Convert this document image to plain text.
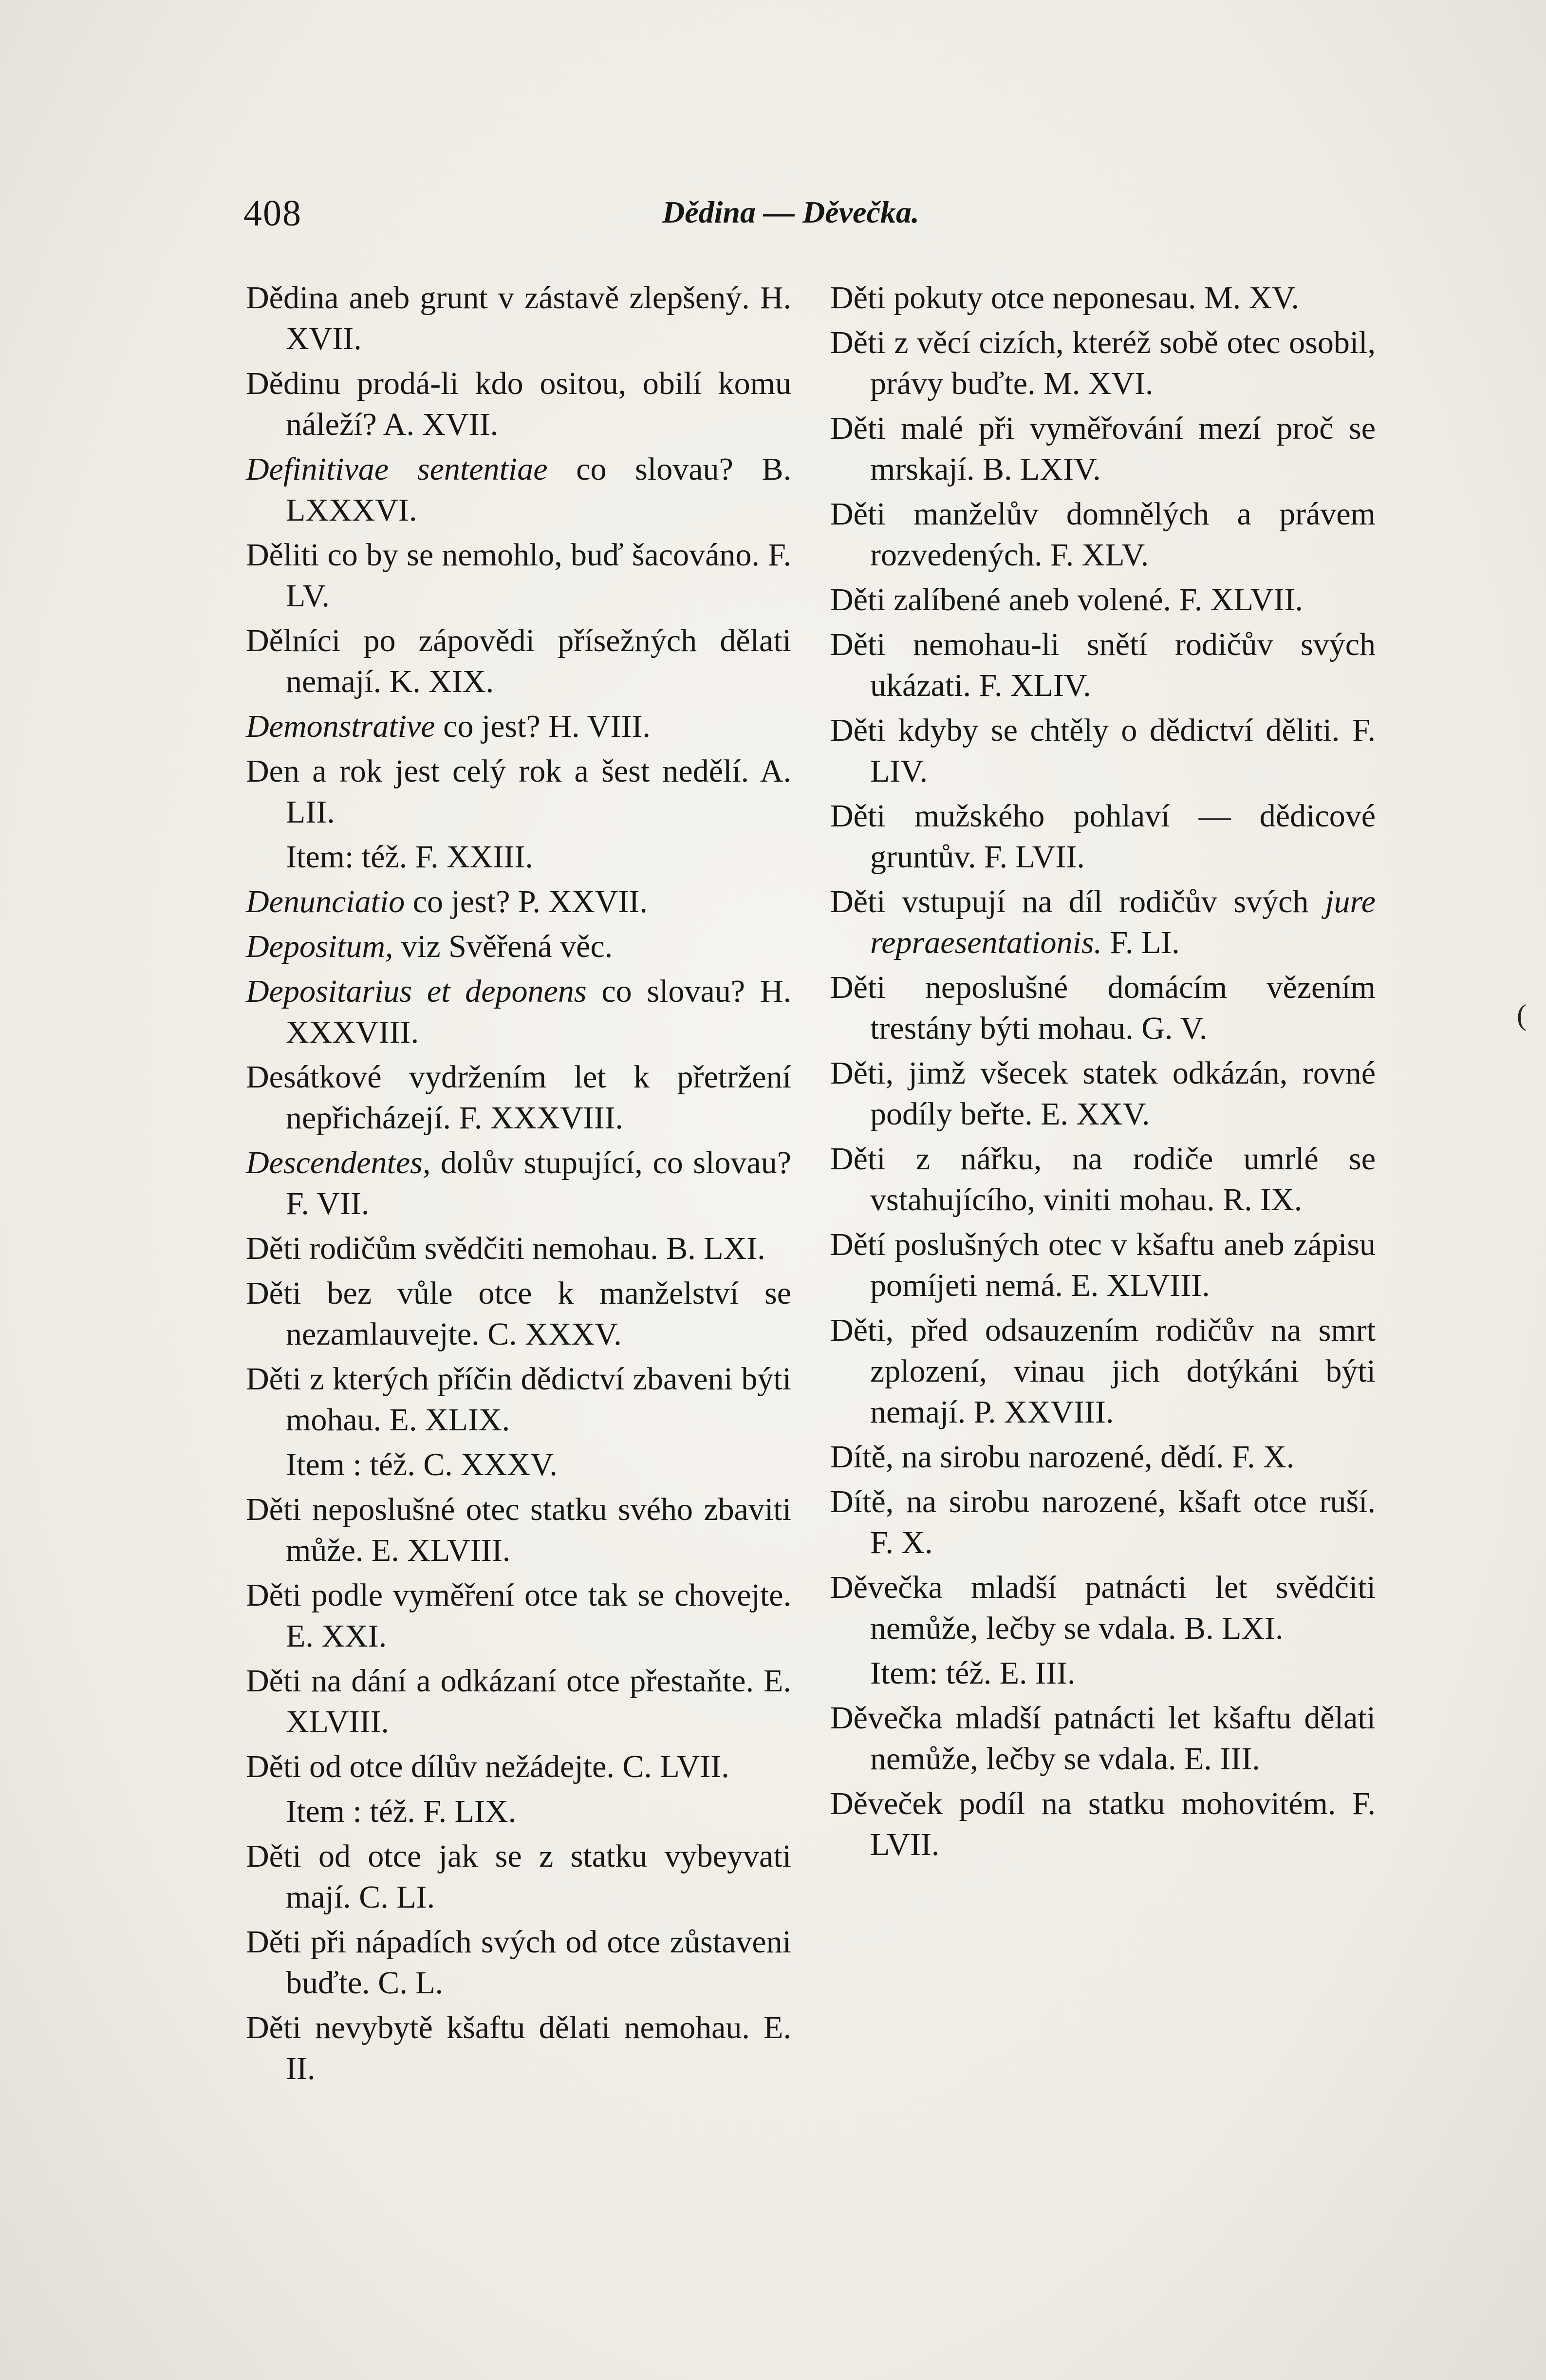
408	Dědina — Děvečka.

Dědina aneb grunt v zástavě zlepšený. H. XVII.

Dědinu prodá-li kdo ositou, obilí komu náleží? A. XVII.

Definitivae sententiae co slovau? B. LXXXVI.

Děliti co by se nemohlo, buď šacováno. F. LV.

Dělníci po zápovědi přísežných dělati nemají. K. XIX.

Demonstrative co jest? H. VIII.

Den a rok jest celý rok a šest nedělí. A. LII.

Item: též. F. XXIII.

Denunciatio co jest? P. XXVII.

Depositum, viz Svěřená věc.

Depositarius et deponens co slovau? H. XXXVIII.

Desátkové vydržením let k přetržení nepřicházejí. F. XXXVIII.

Descendentes, dolův stupující, co slovau? F. VII.

Děti rodičům svědčiti nemohau. B. LXI.

Děti bez vůle otce k manželství se nezamlauvejte. C. XXXV.

Děti z kterých příčin dědictví zbaveni býti mohau. E. XLIX.

Item : též. C. XXXV.

Děti neposlušné otec statku svého zbaviti může. E. XLVIII.

Děti podle vyměření otce tak se chovejte. E. XXI.

Děti na dání a odkázaní otce přestaňte. E. XLVIII.

Děti od otce dílův nežádejte. C. LVII.

Item : též. F. LIX.

Děti od otce jak se z statku vybeyvati mají. C. LI.

Děti při nápadích svých od otce zůstaveni buďte. C. L.

Děti nevybytě kšaftu dělati nemohau. E. II.

Děti pokuty otce neponesau. M. XV.

Děti z věcí cizích, kteréž sobě otec osobil, právy buďte. M. XVI.

Děti malé při vyměřování mezí proč se mrskají. B. LXIV.

Děti manželův domnělých a právem rozvedených. F. XLV.

Děti zalíbené aneb volené. F. XLVII.

Děti nemohau-li snětí rodičův svých ukázati. F. XLIV.

Děti kdyby se chtěly o dědictví děliti. F. LIV.

Děti mužského pohlaví — dědicové gruntův. F. LVII.

Děti vstupují na díl rodičův svých jure repraesentationis. F. LI.

Děti neposlušné domácím vězením trestány býti mohau. G. V.

Děti, jimž všecek statek odkázán, rovné podíly beřte. E. XXV.

Děti z nářku, na rodiče umrlé se vstahujícího, viniti mohau. R. IX.

Dětí poslušných otec v kšaftu aneb zápisu pomíjeti nemá. E. XLVIII.

Děti, před odsauzením rodičův na smrt zplození, vinau jich dotýkáni býti nemají. P. XXVIII.

Dítě, na sirobu narozené, dědí. F. X.

Dítě, na sirobu narozené, kšaft otce ruší. F. X.

Děvečka mladší patnácti let svědčiti nemůže, lečby se vdala. B. LXI.

Item: též. E. III.

Děvečka mladší patnácti let kšaftu dělati nemůže, lečby se vdala. E. III.

Děveček podíl na statku mohovitém. F. LVII.

(
